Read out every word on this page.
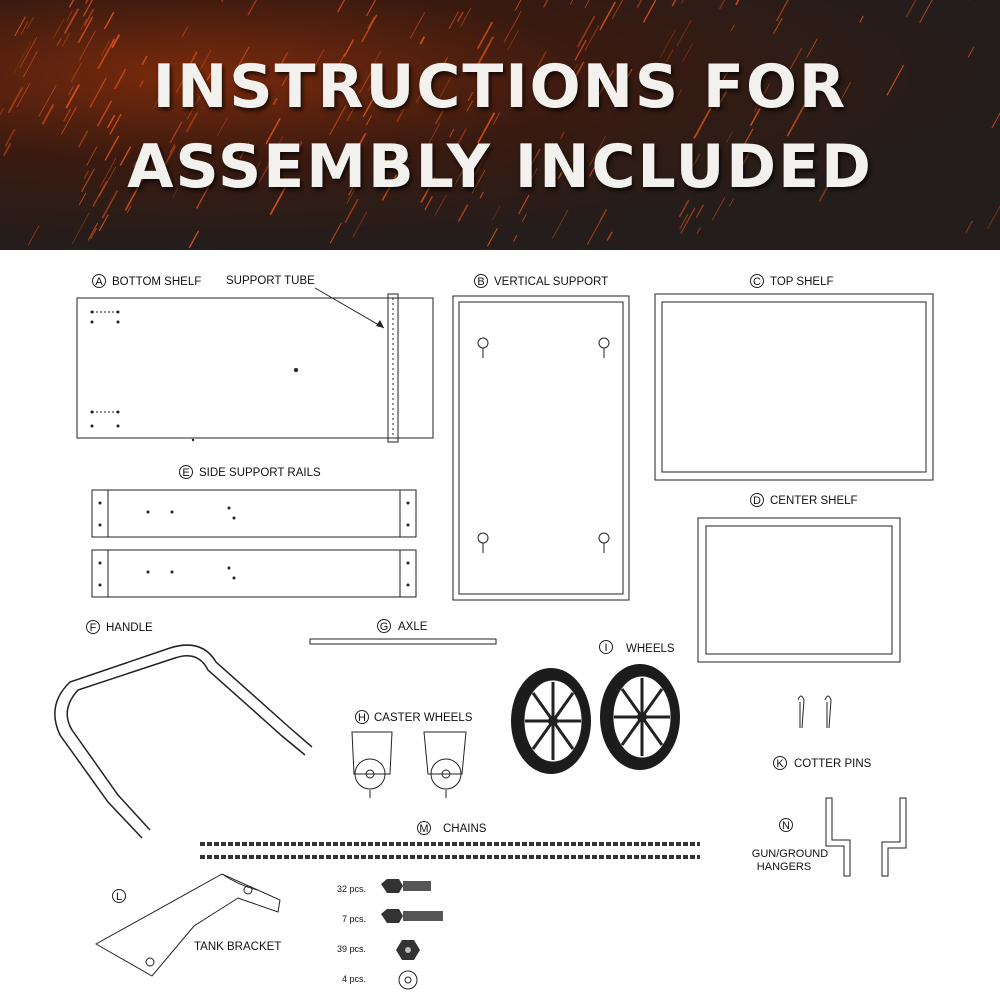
INSTRUCTIONS FOR
ASSEMBLY INCLUDED
A BOTTOM SHELF SUPPORT TUBE	B VERTICAL SUPPORT	C TOP SHELF
D CENTER SHELF
E SIDE SUPPORT RAILS
F HANDLE	G AXLE
I WHEELS
H CASTER WHEELS
K COTTER PINS
M CHAINS	N
GUN/GROUND
HANGERS
L
TANK BRACKET
32 pcs.
7 pcs.
39 pcs.
4 pcs.
